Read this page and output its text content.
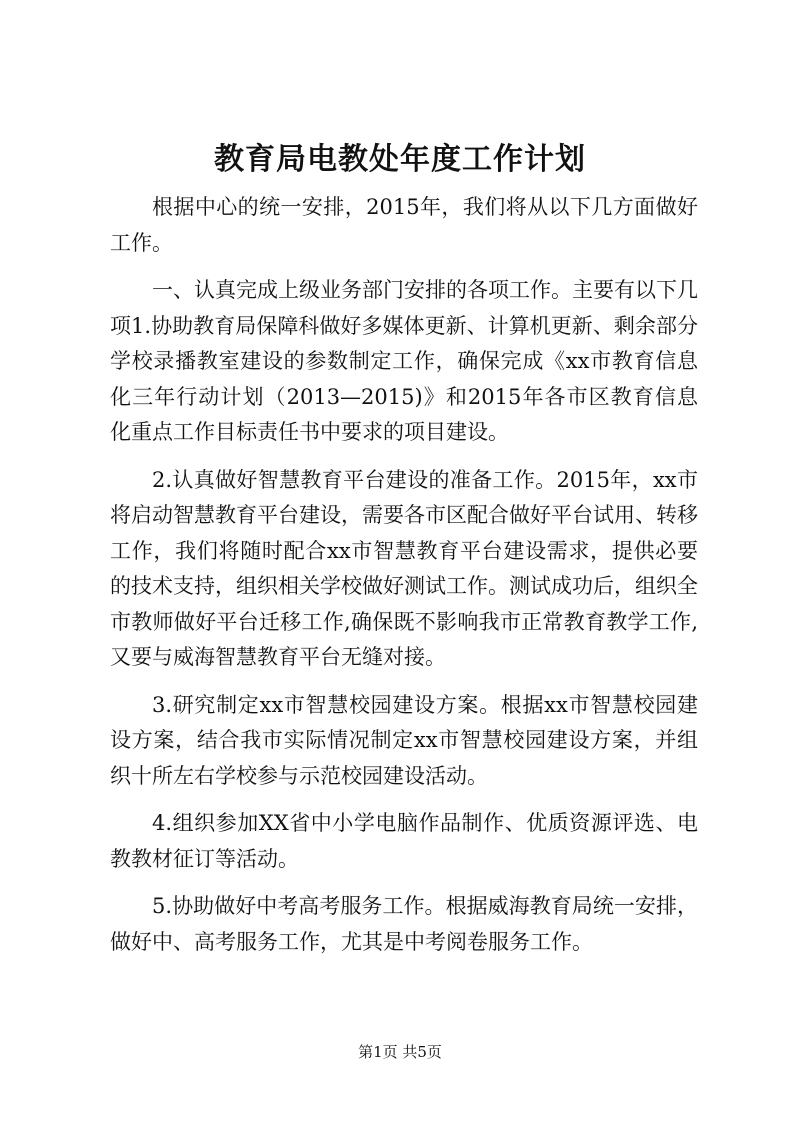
教育局电教处年度工作计划

根据中心的统一安排，2015年，我们将从以下几方面做好工作。

一、认真完成上级业务部门安排的各项工作。主要有以下几项1.协助教育局保障科做好多媒体更新、计算机更新、剩余部分学校录播教室建设的参数制定工作，确保完成《xx市教育信息化三年行动计划（2013—2015)》和2015年各市区教育信息化重点工作目标责任书中要求的项目建设。

2.认真做好智慧教育平台建设的准备工作。2015年，xx市将启动智慧教育平台建设，需要各市区配合做好平台试用、转移工作，我们将随时配合xx市智慧教育平台建设需求，提供必要的技术支持，组织相关学校做好测试工作。测试成功后，组织全市教师做好平台迁移工作,确保既不影响我市正常教育教学工作,又要与威海智慧教育平台无缝对接。

3.研究制定xx市智慧校园建设方案。根据xx市智慧校园建设方案，结合我市实际情况制定xx市智慧校园建设方案，并组织十所左右学校参与示范校园建设活动。

4.组织参加XX省中小学电脑作品制作、优质资源评选、电教教材征订等活动。

5.协助做好中考高考服务工作。根据威海教育局统一安排，做好中、高考服务工作，尤其是中考阅卷服务工作。

第1页 共5页
